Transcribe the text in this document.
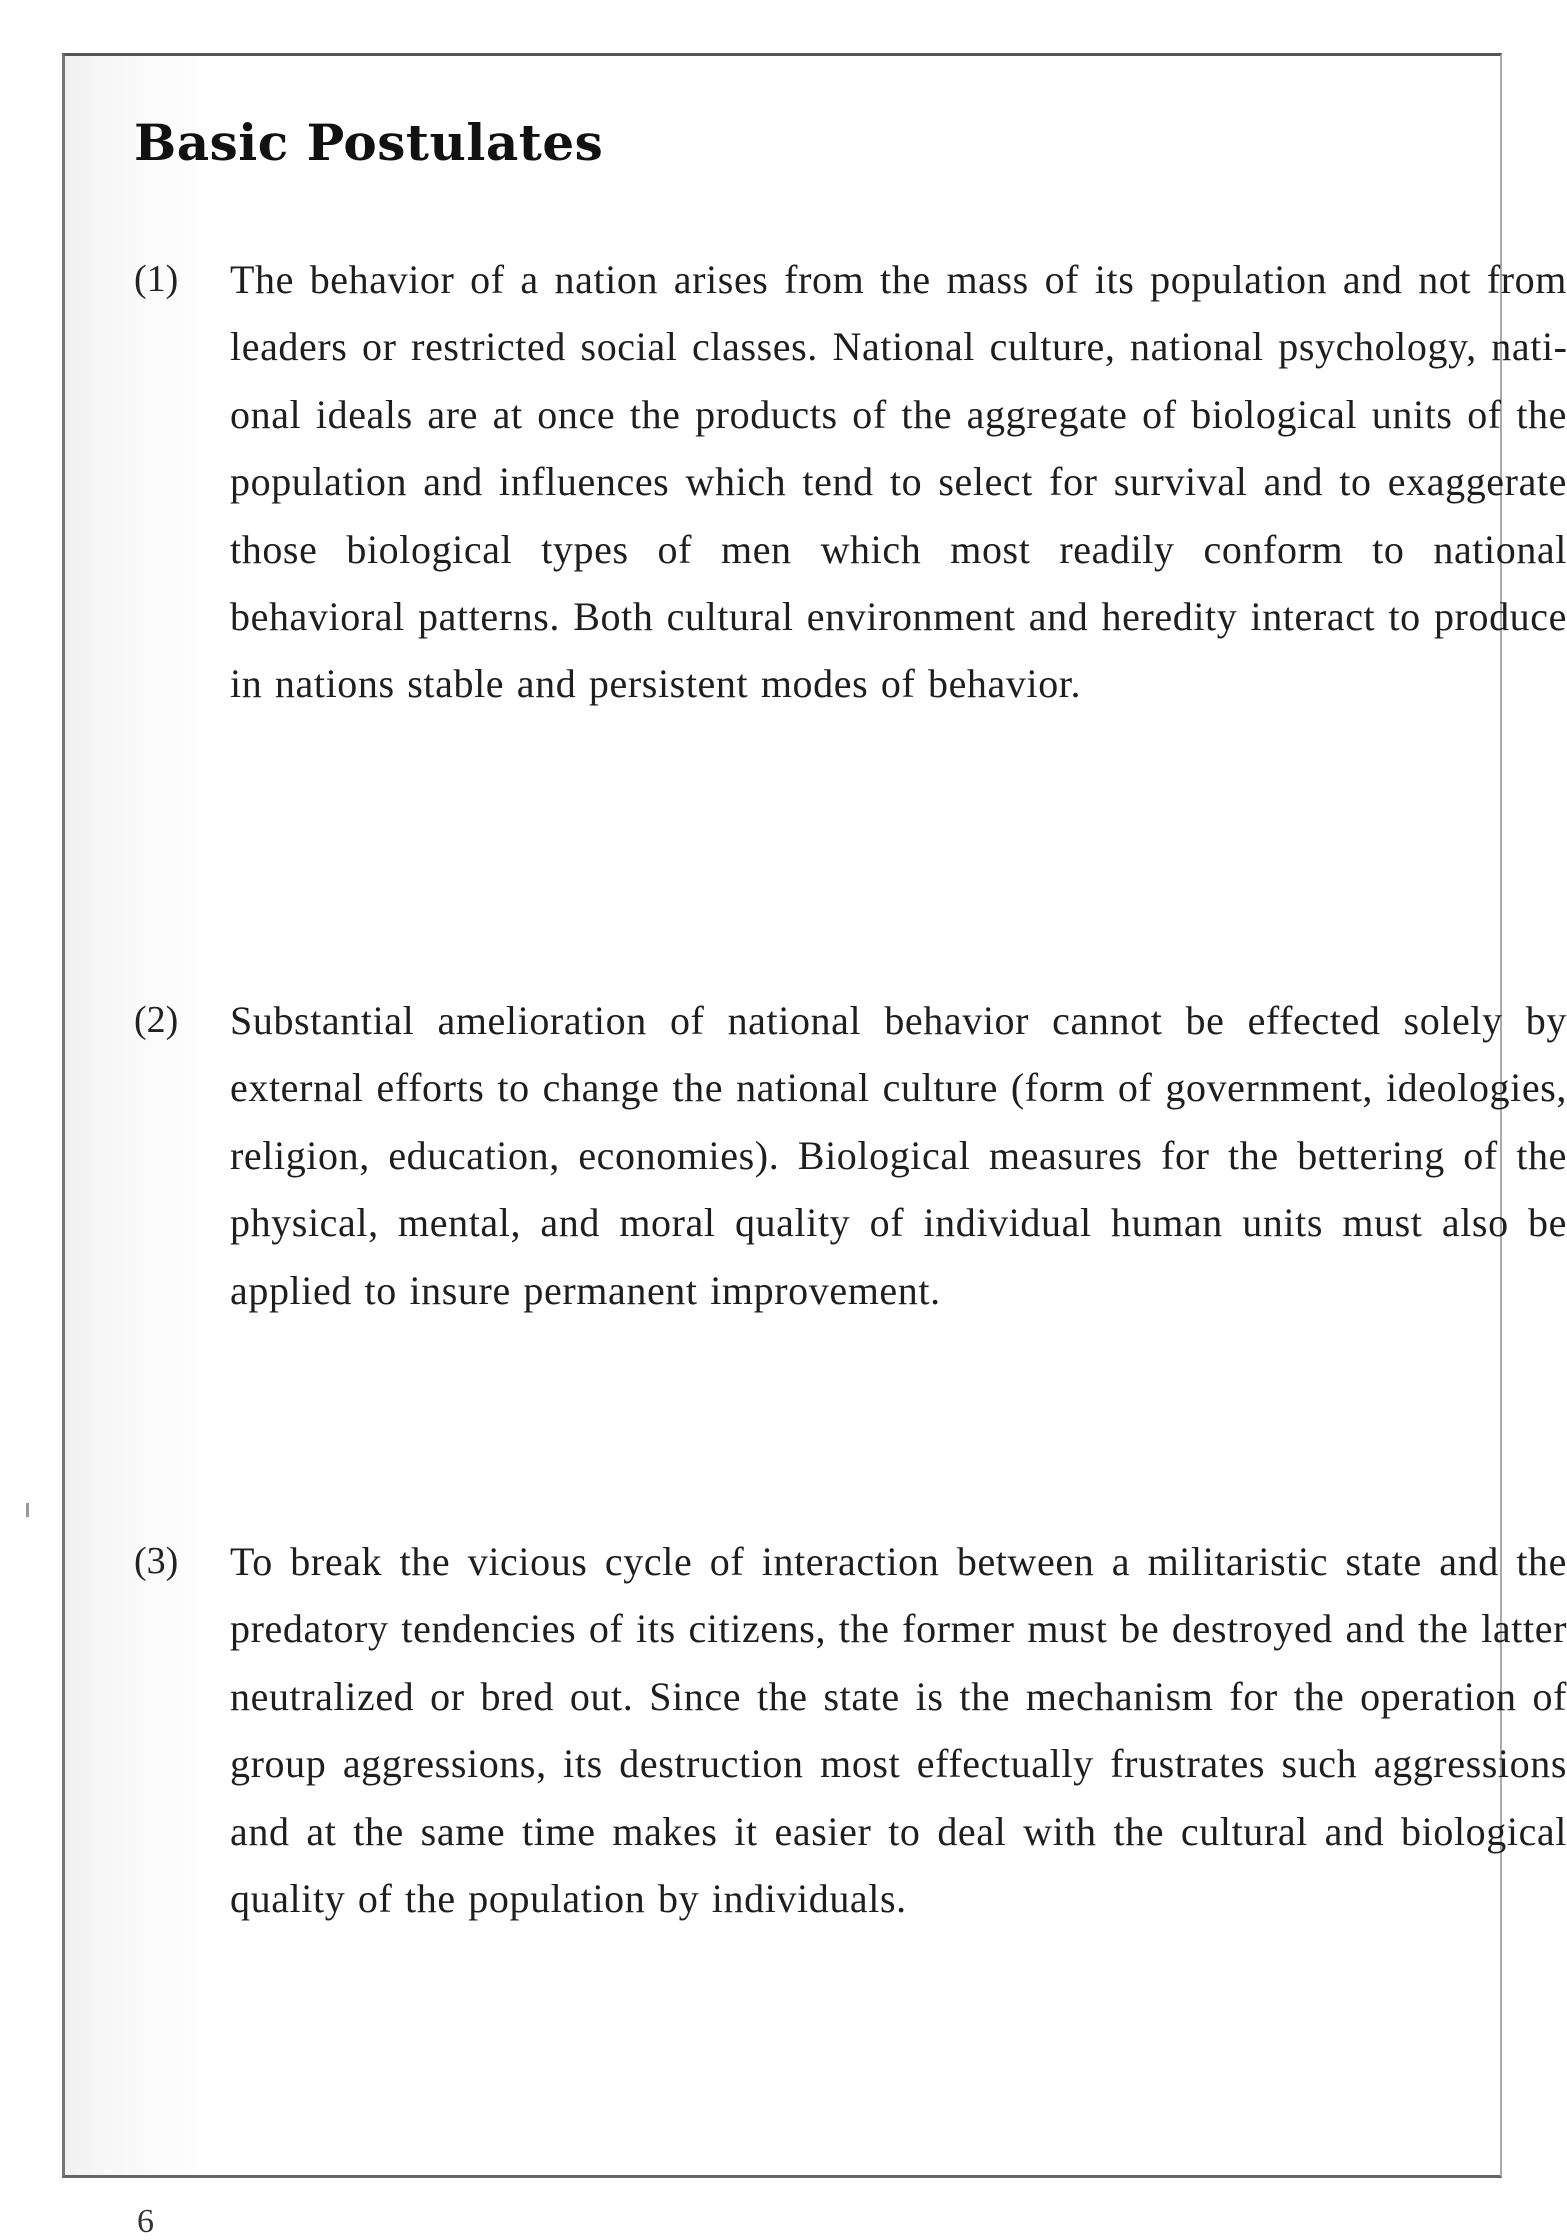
Basic Postulates
(1) The behavior of a nation arises from the mass of its population and not from leaders or restricted social classes. National culture, national psychology, national ideals are at once the products of the aggregate of biological units of the population and influences which tend to select for survival and to exaggerate those biological types of men which most readily conform to national behavioral patterns. Both cultural environment and heredity interact to produce in nations stable and persistent modes of behavior.

(2) Substantial amelioration of national behavior cannot be effected solely by external efforts to change the national culture (form of government, ideologies, religion, education, economies). Biological measures for the bettering of the physical, mental, and moral quality of individual human units must also be applied to insure permanent improvement.

(3) To break the vicious cycle of interaction between a militaristic state and the predatory tendencies of its citizens, the former must be destroyed and the latter neutralized or bred out. Since the state is the mechanism for the operation of group aggressions, its destruction most effectually frustrates such aggressions and at the same time makes it easier to deal with the cultural and biological quality of the population by individuals.

6
